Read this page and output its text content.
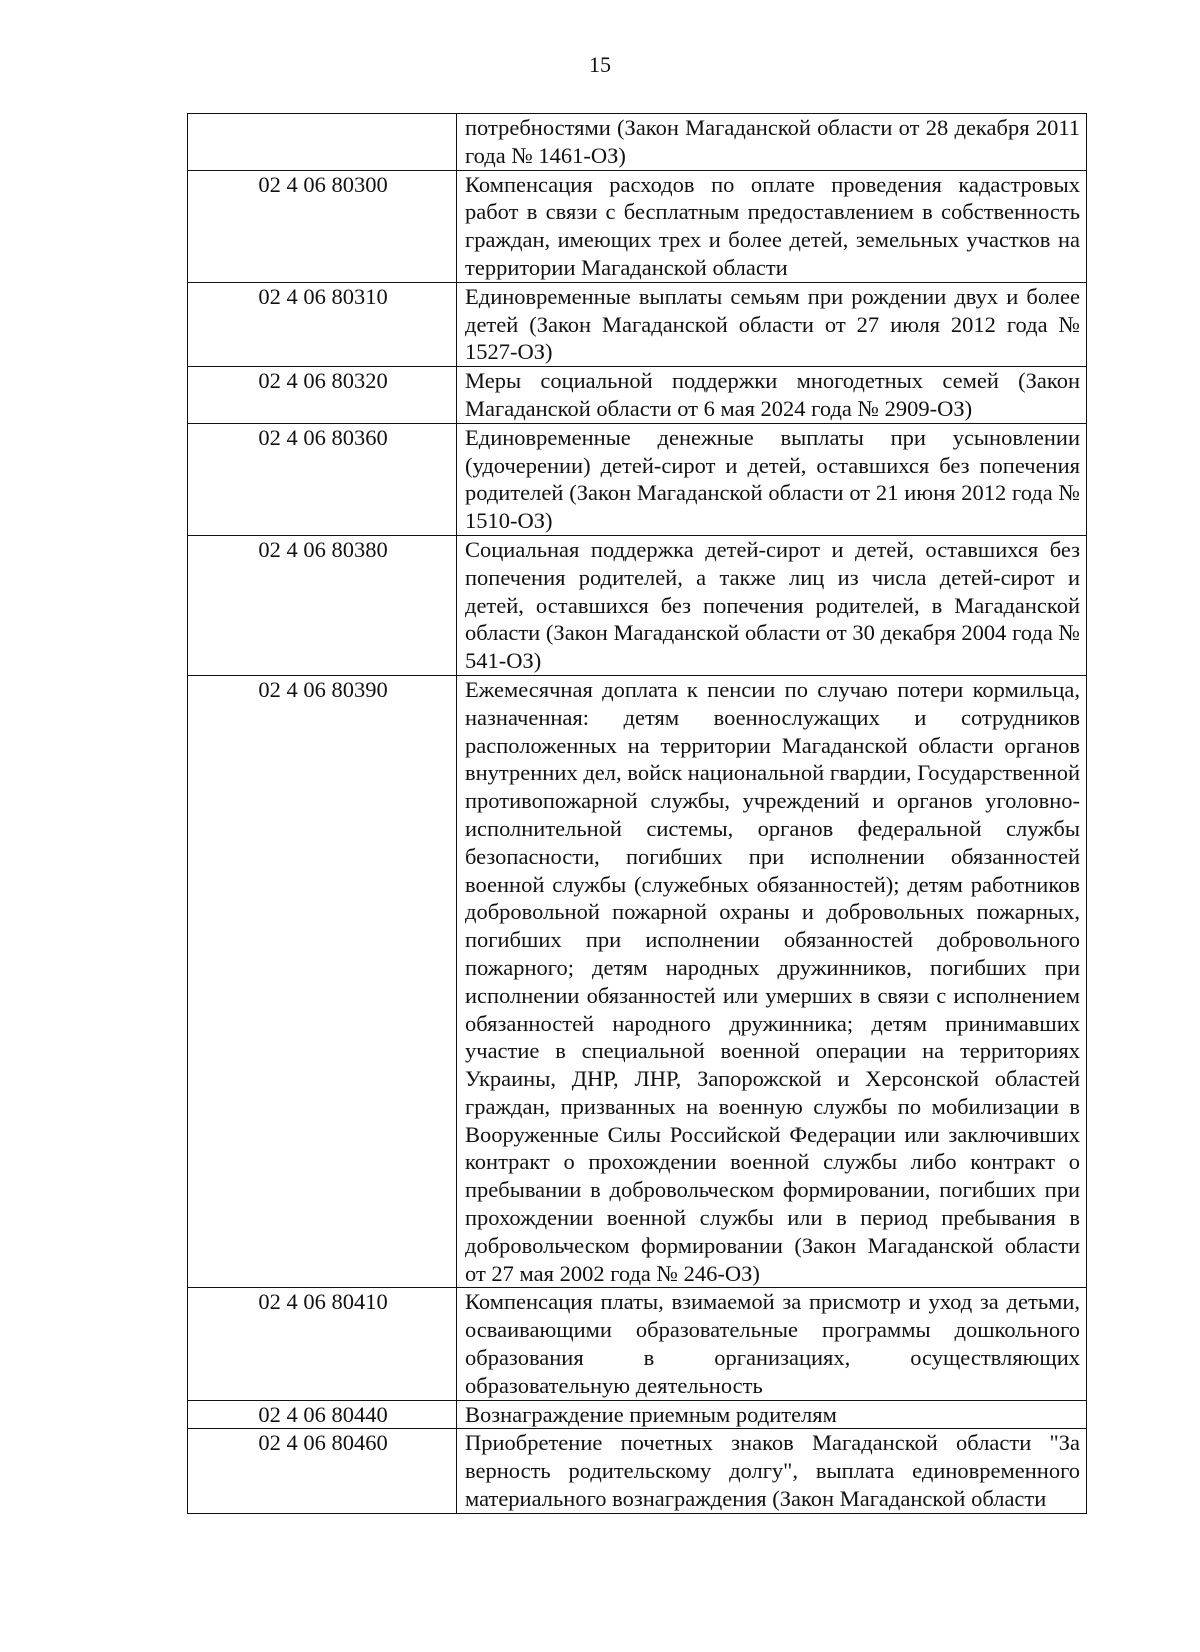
15
	потребностями (Закон Магаданской области от 28 декабря 2011 года № 1461-ОЗ)
02 4 06 80300	Компенсация расходов по оплате проведения кадастровых работ в связи с бесплатным предоставлением в собственность граждан, имеющих трех и более детей, земельных участков на территории Магаданской области
02 4 06 80310	Единовременные выплаты семьям при рождении двух и более детей (Закон Магаданской области от 27 июля 2012 года № 1527-ОЗ)
02 4 06 80320	Меры социальной поддержки многодетных семей (Закон Магаданской области от 6 мая 2024 года № 2909-ОЗ)
02 4 06 80360	Единовременные денежные выплаты при усыновлении (удочерении) детей-сирот и детей, оставшихся без попечения родителей (Закон Магаданской области от 21 июня 2012 года № 1510-ОЗ)
02 4 06 80380	Социальная поддержка детей-сирот и детей, оставшихся без попечения родителей, а также лиц из числа детей-сирот и детей, оставшихся без попечения родителей, в Магаданской области (Закон Магаданской области от 30 декабря 2004 года № 541-ОЗ)
02 4 06 80390	Ежемесячная доплата к пенсии по случаю потери кормильца, назначенная: детям военнослужащих и сотрудников расположенных на территории Магаданской области органов внутренних дел, войск национальной гвардии, Государственной противопожарной службы, учреждений и органов уголовно-исполнительной системы, органов федеральной службы безопасности, погибших при исполнении обязанностей военной службы (служебных обязанностей); детям работников добровольной пожарной охраны и добровольных пожарных, погибших при исполнении обязанностей добровольного пожарного; детям народных дружинников, погибших при исполнении обязанностей или умерших в связи с исполнением обязанностей народного дружинника; детям принимавших участие в специальной военной операции на территориях Украины, ДНР, ЛНР, Запорожской и Херсонской областей граждан, призванных на военную службы по мобилизации в Вооруженные Силы Российской Федерации или заключивших контракт о прохождении военной службы либо контракт о пребывании в добровольческом формировании, погибших при прохождении военной службы или в период пребывания в добровольческом формировании (Закон Магаданской области от 27 мая 2002 года № 246-ОЗ)
02 4 06 80410	Компенсация платы, взимаемой за присмотр и уход за детьми, осваивающими образовательные программы дошкольного образования в организациях, осуществляющих образовательную деятельность
02 4 06 80440	Вознаграждение приемным родителям
02 4 06 80460	Приобретение почетных знаков Магаданской области "За верность родительскому долгу", выплата единовременного материального вознаграждения (Закон Магаданской области
